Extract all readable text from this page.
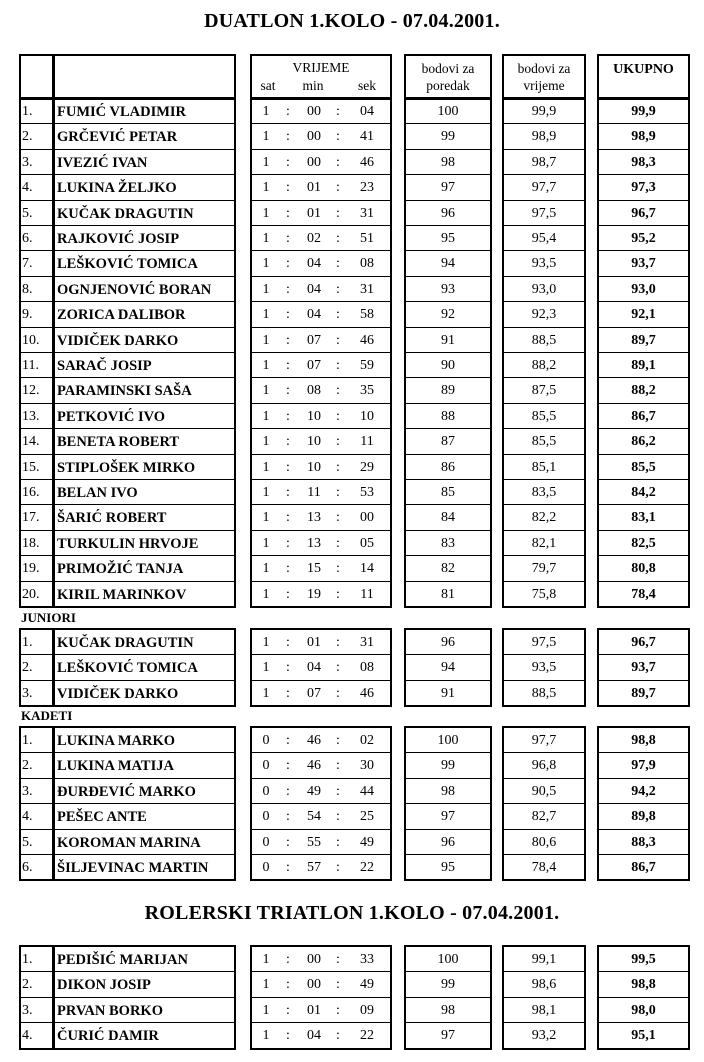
DUATLON 1.KOLO - 07.04.2001.
VRIJEME
sat	min	sek
bodovi za
poredak
bodovi za
vrijeme
UKUPNO
1. FUMIĆ VLADIMIR	1	:	00	:	04	100	99,9	99,9
2. GRČEVIĆ PETAR	1	:	00	:	41	99	98,9	98,9
3. IVEZIĆ IVAN	1	:	00	:	46	98	98,7	98,3
4. LUKINA ŽELJKO	1	:	01	:	23	97	97,7	97,3
5. KUČAK DRAGUTIN	1	:	01	:	31	96	97,5	96,7
6. RAJKOVIĆ JOSIP	1	:	02	:	51	95	95,4	95,2
7. LEŠKOVIĆ TOMICA	1	:	04	:	08	94	93,5	93,7
8. OGNJENOVIĆ BORAN	1	:	04	:	31	93	93,0	93,0
9. ZORICA DALIBOR	1	:	04	:	58	92	92,3	92,1
10. VIDIČEK DARKO	1	:	07	:	46	91	88,5	89,7
11. SARAČ JOSIP	1	:	07	:	59	90	88,2	89,1
12. PARAMINSKI SAŠA	1	:	08	:	35	89	87,5	88,2
13. PETKOVIĆ IVO	1	:	10	:	10	88	85,5	86,7
14. BENETA ROBERT	1	:	10	:	11	87	85,5	86,2
15. STIPLOŠEK MIRKO	1	:	10	:	29	86	85,1	85,5
16. BELAN IVO	1	:	11	:	53	85	83,5	84,2
17. ŠARIĆ ROBERT	1	:	13	:	00	84	82,2	83,1
18. TURKULIN HRVOJE	1	:	13	:	05	83	82,1	82,5
19. PRIMOŽIĆ TANJA	1	:	15	:	14	82	79,7	80,8
20. KIRIL MARINKOV	1	:	19	:	11	81	75,8	78,4
JUNIORI
1. KUČAK DRAGUTIN	1	:	01	:	31	96	97,5	96,7
2. LEŠKOVIĆ TOMICA	1	:	04	:	08	94	93,5	93,7
3. VIDIČEK DARKO	1	:	07	:	46	91	88,5	89,7
KADETI
1. LUKINA MARKO	0	:	46	:	02	100	97,7	98,8
2. LUKINA MATIJA	0	:	46	:	30	99	96,8	97,9
3. ĐURĐEVIĆ MARKO	0	:	49	:	44	98	90,5	94,2
4. PEŠEC ANTE	0	:	54	:	25	97	82,7	89,8
5. KOROMAN MARINA	0	:	55	:	49	96	80,6	88,3
6. ŠILJEVINAC MARTIN	0	:	57	:	22	95	78,4	86,7
ROLERSKI TRIATLON 1.KOLO - 07.04.2001.
1. PEDIŠIĆ MARIJAN	1	:	00	:	33	100	99,1	99,5
2. DIKON JOSIP	1	:	00	:	49	99	98,6	98,8
3. PRVAN BORKO	1	:	01	:	09	98	98,1	98,0
4. ČURIĆ DAMIR	1	:	04	:	22	97	93,2	95,1
